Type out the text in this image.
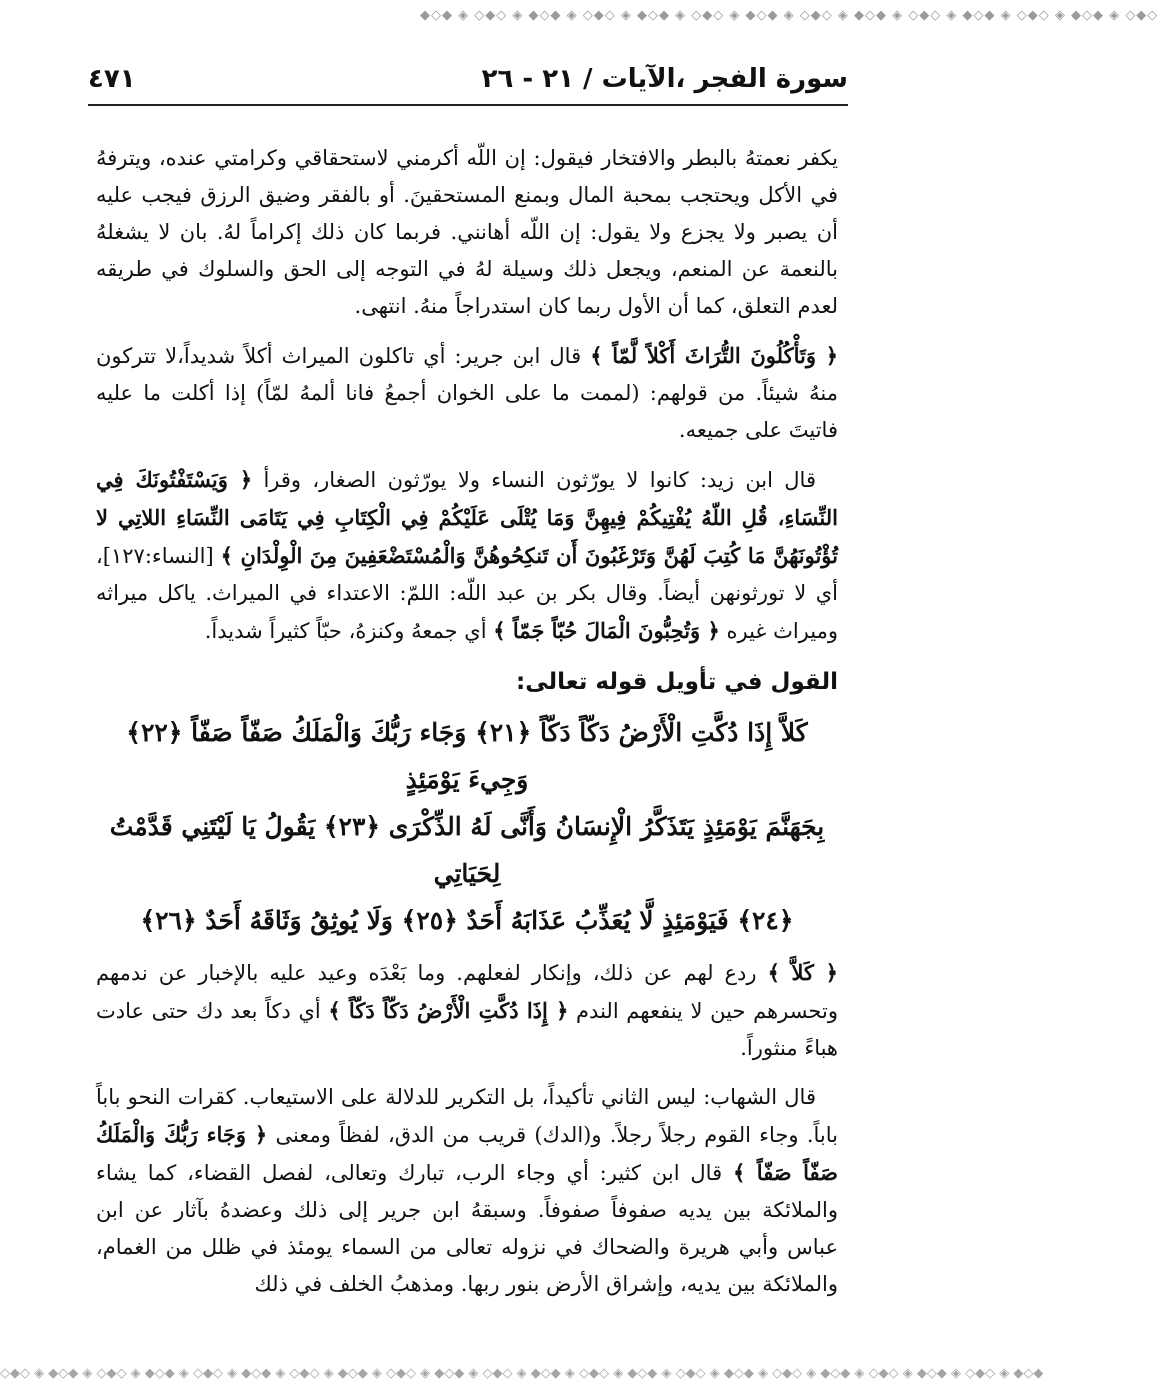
◆◇◆ ◈ ◇◆◇ ◈ ◆◇◆ ◈ ◇◆◇ ◈ ◆◇◆ ◈ ◇◆◇ ◈ ◆◇◆ ◈ ◇◆◇ ◈ ◆◇◆ ◈ ◇◆◇ ◈ ◆◇◆ ◈ ◇◆◇ ◈ ◆◇◆ ◈ ◇◆◇
سورة الفجر ،الآيات / ٢١ - ٢٦
٤٧١

يكفر نعمتهُ بالبطر والافتخار فيقول: إن اللّه أكرمني لاستحقاقي وكرامتي عنده، ويترفهُ في الأكل ويحتجب بمحبة المال وبمنع المستحقينَ. أو بالفقر وضيق الرزق فيجب عليه أن يصبر ولا يجزع ولا يقول: إن اللّه أهانني. فربما كان ذلك إكراماً لهُ. بان لا يشغلهُ بالنعمة عن المنعم، ويجعل ذلك وسيلة لهُ في التوجه إلى الحق والسلوك في طريقه لعدم التعلق، كما أن الأول ربما كان استدراجاً منهُ. انتهى.

﴿ وَتَأْكُلُونَ التُّرَاثَ أَكْلاً لَّمّاً ﴾ قال ابن جرير: أي تاكلون الميراث أكلاً شديداً،لا تتركون منهُ شيئاً. من قولهم: (لممت ما على الخوان أجمعُ فانا ألمهُ لمّاً) إذا أكلت ما عليه فاتيتَ على جميعه.

قال ابن زيد: كانوا لا يورّثون النساء ولا يورّثون الصغار، وقرأ ﴿ وَيَسْتَفْتُونَكَ فِي النِّسَاءِ، قُلِ اللّهُ يُفْتِيكُمْ فِيهِنَّ وَمَا يُتْلَى عَلَيْكُمْ فِي الْكِتَابِ فِي يَتَامَى النِّسَاءِ اللاتِي لا تُؤْتُونَهُنَّ مَا كُتِبَ لَهُنَّ وَتَرْغَبُونَ أَن تَنكِحُوهُنَّ وَالْمُسْتَضْعَفِينَ مِنَ الْوِلْدَانِ ﴾ [النساء:١٢٧]، أي لا تورثونهن أيضاً. وقال بكر بن عبد اللّه: اللمّ: الاعتداء في الميراث. ياكل ميراثه وميراث غيره ﴿ وَتُحِبُّونَ الْمَالَ حُبّاً جَمّاً ﴾ أي جمعهُ وكنزهُ، حبّاً كثيراً شديداً.

القول في تأويل قوله تعالى:
كَلاَّ إِذَا دُكَّتِ الْأَرْضُ دَكّاً دَكّاً ﴿٢١﴾ وَجَاء رَبُّكَ وَالْمَلَكُ صَفّاً صَفّاً ﴿٢٢﴾ وَجِيءَ يَوْمَئِذٍ
بِجَهَنَّمَ يَوْمَئِذٍ يَتَذَكَّرُ الْإِنسَانُ وَأَنَّى لَهُ الذِّكْرَى ﴿٢٣﴾ يَقُولُ يَا لَيْتَنِي قَدَّمْتُ لِحَيَاتِي
﴿٢٤﴾ فَيَوْمَئِذٍ لَّا يُعَذِّبُ عَذَابَهُ أَحَدٌ ﴿٢٥﴾ وَلَا يُوثِقُ وَثَاقَهُ أَحَدٌ ﴿٢٦﴾

﴿ كَلاَّ ﴾ ردع لهم عن ذلك، وإنكار لفعلهم. وما بَعْدَه وعيد عليه بالإخبار عن ندمهم وتحسرهم حين لا ينفعهم الندم ﴿ إِذَا دُكَّتِ الْأَرْضُ دَكّاً دَكّاً ﴾ أي دكاً بعد دك حتى عادت هباءً منثوراً.

قال الشهاب: ليس الثاني تأكيداً، بل التكرير للدلالة على الاستيعاب. كقرات النحو باباً باباً. وجاء القوم رجلاً رجلاً. و(الدك) قريب من الدق، لفظاً ومعنى ﴿ وَجَاء رَبُّكَ وَالْمَلَكُ صَفّاً صَفّاً ﴾ قال ابن كثير: أي وجاء الرب، تبارك وتعالى، لفصل القضاء، كما يشاء والملائكة بين يديه صفوفاً صفوفاً. وسبقهُ ابن جرير إلى ذلك وعضدهُ بآثار عن ابن عباس وأبي هريرة والضحاك في نزوله تعالى من السماء يومئذ في ظلل من الغمام، والملائكة بين يديه، وإشراق الأرض بنور ربها. ومذهبُ الخلف في ذلك

◇◆◇ ◈ ◆◇◆ ◈ ◇◆◇ ◈ ◆◇◆ ◈ ◇◆◇ ◈ ◆◇◆ ◈ ◇◆◇ ◈ ◆◇◆ ◈ ◇◆◇ ◈ ◆◇◆ ◈ ◇◆◇ ◈ ◆◇◆ ◈ ◇◆◇ ◈ ◆◇◆ ◈ ◇◆◇ ◈ ◆◇◆ ◈ ◇◆◇ ◈ ◆◇◆ ◈ ◇◆◇ ◈ ◆◇◆ ◈ ◇◆◇ ◈ ◆◇◆
